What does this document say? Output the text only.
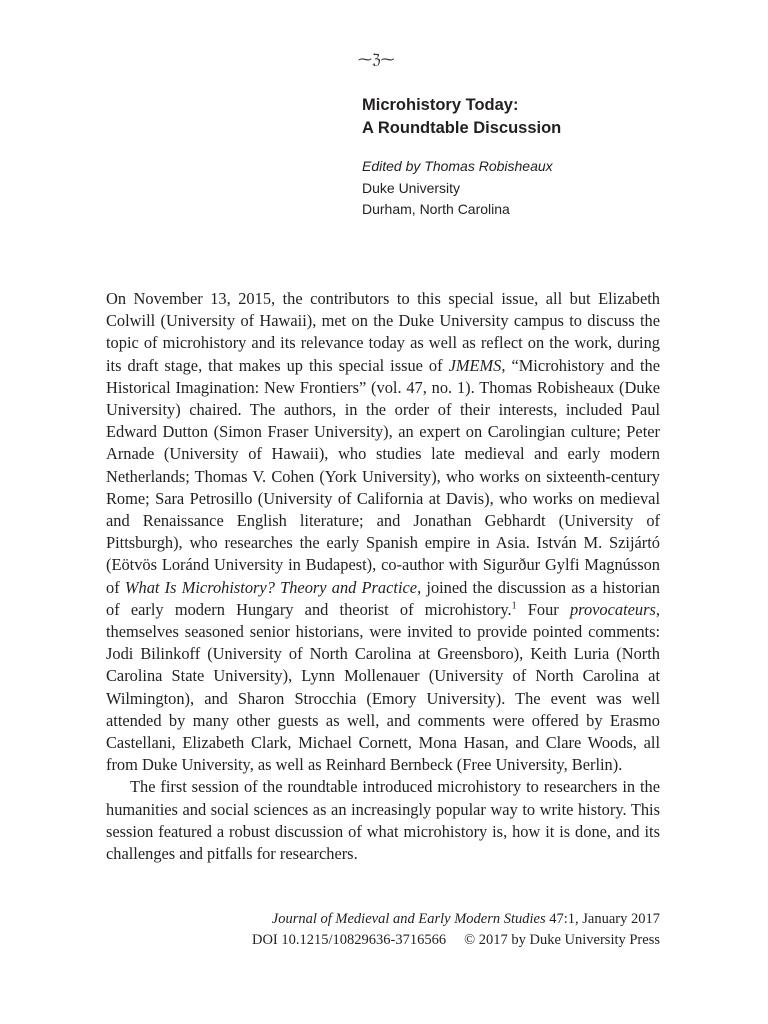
⁓ℨ⁓
Microhistory Today:
A Roundtable Discussion
Edited by Thomas Robisheaux
Duke University
Durham, North Carolina

On November 13, 2015, the contributors to this special issue, all but Elizabeth Colwill (University of Hawaii), met on the Duke University campus to discuss the topic of microhistory and its relevance today as well as reflect on the work, during its draft stage, that makes up this special issue of JMEMS, “Microhistory and the Historical Imagination: New Frontiers” (vol. 47, no. 1). Thomas Robisheaux (Duke University) chaired. The authors, in the order of their interests, included Paul Edward Dutton (Simon Fraser University), an expert on Carolingian culture; Peter Arnade (University of Hawaii), who studies late medieval and early modern Netherlands; Thomas V. Cohen (York University), who works on sixteenth-century Rome; Sara Petrosillo (University of California at Davis), who works on medieval and Renaissance English literature; and Jonathan Gebhardt (University of Pittsburgh), who researches the early Spanish empire in Asia. István M. Szijártó (Eötvös Loránd University in Budapest), co-author with Sigurður Gylfi Magnússon of What Is Microhistory? Theory and Practice, joined the discussion as a historian of early modern Hungary and theorist of microhistory.$^1$ Four provocateurs, themselves seasoned senior historians, were invited to provide pointed comments: Jodi Bilinkoff (University of North Carolina at Greensboro), Keith Luria (North Carolina State University), Lynn Mollenauer (University of North Carolina at Wilmington), and Sharon Strocchia (Emory University). The event was well attended by many other guests as well, and comments were offered by Erasmo Castellani, Elizabeth Clark, Michael Cornett, Mona Hasan, and Clare Woods, all from Duke University, as well as Reinhard Bernbeck (Free University, Berlin).

The first session of the roundtable introduced microhistory to researchers in the humanities and social sciences as an increasingly popular way to write history. This session featured a robust discussion of what microhistory is, how it is done, and its challenges and pitfalls for researchers.

Journal of Medieval and Early Modern Studies 47:1, January 2017
DOI 10.1215/10829636-3716566 © 2017 by Duke University Press
